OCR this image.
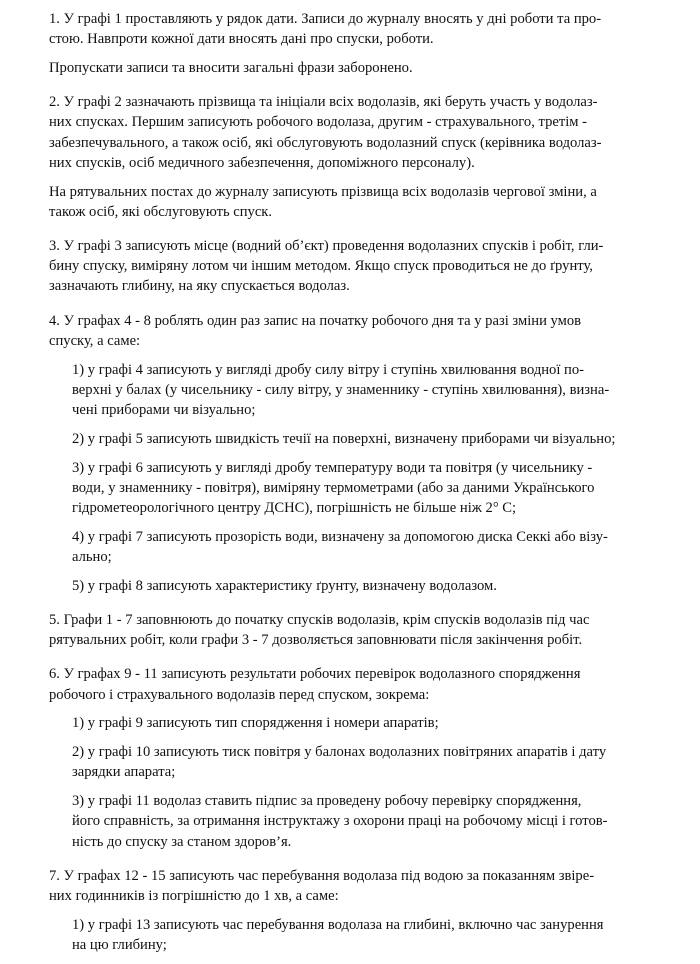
1. У графі 1 проставляють у рядок дати. Записи до журналу вносять у дні роботи та про-
стою. Навпроти кожної дати вносять дані про спуски, роботи.
Пропускати записи та вносити загальні фрази заборонено.
2. У графі 2 зазначають прізвища та ініціали всіх водолазів, які беруть участь у водолаз-
них спусках. Першим записують робочого водолаза, другим - страхувального, третім -
забезпечувального, а також осіб, які обслуговують водолазний спуск (керівника водолаз-
них спусків, осіб медичного забезпечення, допоміжного персоналу).
На рятувальних постах до журналу записують прізвища всіх водолазів чергової зміни, а
також осіб, які обслуговують спуск.
3. У графі 3 записують місце (водний об’єкт) проведення водолазних спусків і робіт, гли-
бину спуску, виміряну лотом чи іншим методом. Якщо спуск проводиться не до ґрунту,
зазначають глибину, на яку спускається водолаз.
4. У графах 4 - 8 роблять один раз запис на початку робочого дня та у разі зміни умов
спуску, а саме:
1) у графі 4 записують у вигляді дробу силу вітру і ступінь хвилювання водної по-
верхні у балах (у чисельнику - силу вітру, у знаменнику - ступінь хвилювання), визна-
чені приборами чи візуально;
2) у графі 5 записують швидкість течії на поверхні, визначену приборами чи візуально;
3) у графі 6 записують у вигляді дробу температуру води та повітря (у чисельнику -
води, у знаменнику - повітря), виміряну термометрами (або за даними Українського
гідрометеорологічного центру ДСНС), погрішність не більше ніж 2° С;
4) у графі 7 записують прозорість води, визначену за допомогою диска Секкі або візу-
ально;
5) у графі 8 записують характеристику ґрунту, визначену водолазом.
5. Графи 1 - 7 заповнюють до початку спусків водолазів, крім спусків водолазів під час
рятувальних робіт, коли графи 3 - 7 дозволяється заповнювати після закінчення робіт.
6. У графах 9 - 11 записують результати робочих перевірок водолазного спорядження
робочого і страхувального водолазів перед спуском, зокрема:
1) у графі 9 записують тип спорядження і номери апаратів;
2) у графі 10 записують тиск повітря у балонах водолазних повітряних апаратів і дату
зарядки апарата;
3) у графі 11 водолаз ставить підпис за проведену робочу перевірку спорядження,
його справність, за отримання інструктажу з охорони праці на робочому місці і готов-
ність до спуску за станом здоров’я.
7. У графах 12 - 15 записують час перебування водолаза під водою за показанням звіре-
них годинників із погрішністю до 1 хв, а саме:
1) у графі 13 записують час перебування водолаза на глибині, включно час занурення
на цю глибину;
